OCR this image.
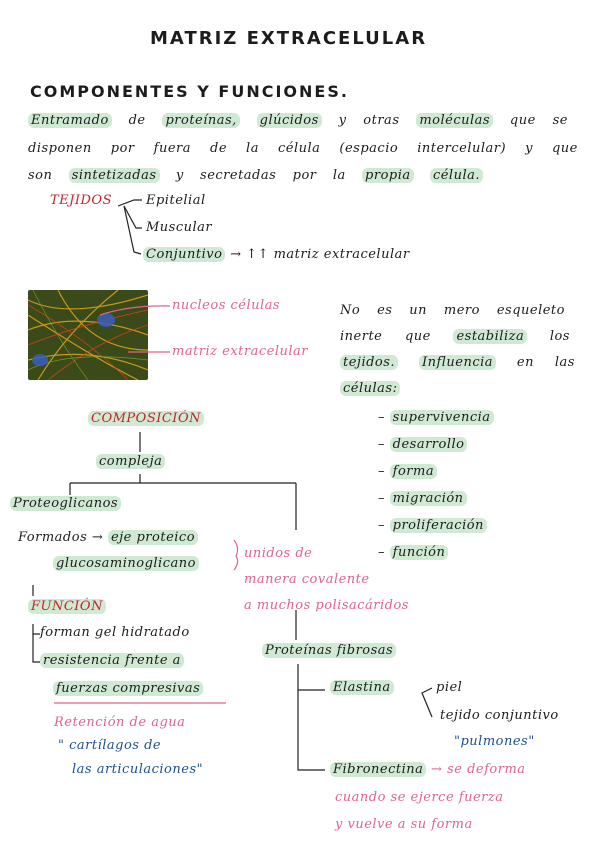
MATRIZ EXTRACELULAR
COMPONENTES Y FUNCIONES.
Entramado de proteínas, glúcidos y otras moléculas que se
disponen por fuera de la célula (espacio intercelular) y que
son sintetizadas y secretadas por la propia célula.
TEJIDOS	Epitelial
Muscular
Conjuntivo → ↑↑ matriz extracelular
nucleos células
matriz extracelular
No es un mero esqueleto
inerte que estabiliza los
tejidos. Influencia en las
células:
– supervivencia
– desarrollo
– forma
– migración
– proliferación
– función
COMPOSICIÓN
compleja
Proteoglicanos
Formados → eje proteico
glucosaminoglicano
unidos de
manera covalente
a muchos polisacáridos
FUNCIÓN
forman gel hidratado
resistencia frente a
fuerzas compresivas
Retención de agua
" cartílagos de
las articulaciones"
Proteínas fibrosas
Elastina	piel
tejido conjuntivo
"pulmones"
Fibronectina → se deforma
cuando se ejerce fuerza
y vuelve a su forma
